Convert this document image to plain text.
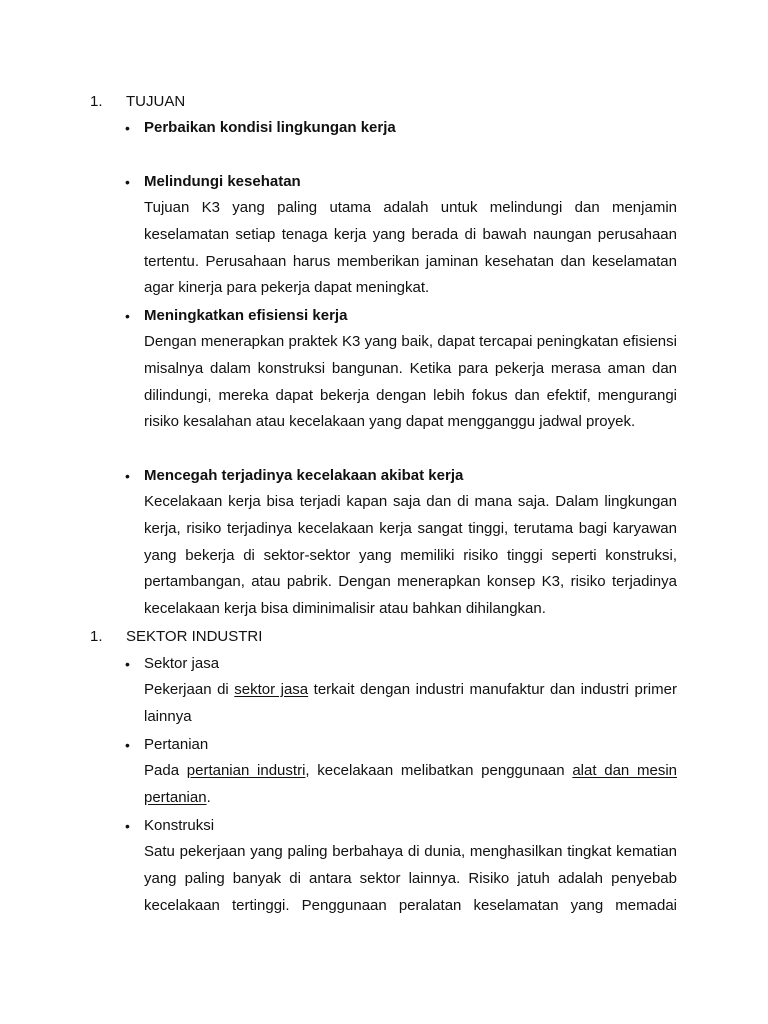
1. TUJUAN
• Perbaikan kondisi lingkungan kerja
• Melindungi kesehatan
Tujuan K3 yang paling utama adalah untuk melindungi dan menjamin keselamatan setiap tenaga kerja yang berada di bawah naungan perusahaan tertentu. Perusahaan harus memberikan jaminan kesehatan dan keselamatan agar kinerja para pekerja dapat meningkat.
• Meningkatkan efisiensi kerja
Dengan menerapkan praktek K3 yang baik, dapat tercapai peningkatan efisiensi misalnya dalam konstruksi bangunan. Ketika para pekerja merasa aman dan dilindungi, mereka dapat bekerja dengan lebih fokus dan efektif, mengurangi risiko kesalahan atau kecelakaan yang dapat mengganggu jadwal proyek.
• Mencegah terjadinya kecelakaan akibat kerja
Kecelakaan kerja bisa terjadi kapan saja dan di mana saja. Dalam lingkungan kerja, risiko terjadinya kecelakaan kerja sangat tinggi, terutama bagi karyawan yang bekerja di sektor-sektor yang memiliki risiko tinggi seperti konstruksi, pertambangan, atau pabrik. Dengan menerapkan konsep K3, risiko terjadinya kecelakaan kerja bisa diminimalisir atau bahkan dihilangkan.
1. SEKTOR INDUSTRI
• Sektor jasa
Pekerjaan di sektor jasa terkait dengan industri manufaktur dan industri primer lainnya
• Pertanian
Pada pertanian industri, kecelakaan melibatkan penggunaan alat dan mesin pertanian.
• Konstruksi
Satu pekerjaan yang paling berbahaya di dunia, menghasilkan tingkat kematian yang paling banyak di antara sektor lainnya. Risiko jatuh adalah penyebab kecelakaan tertinggi. Penggunaan peralatan keselamatan yang memadai
